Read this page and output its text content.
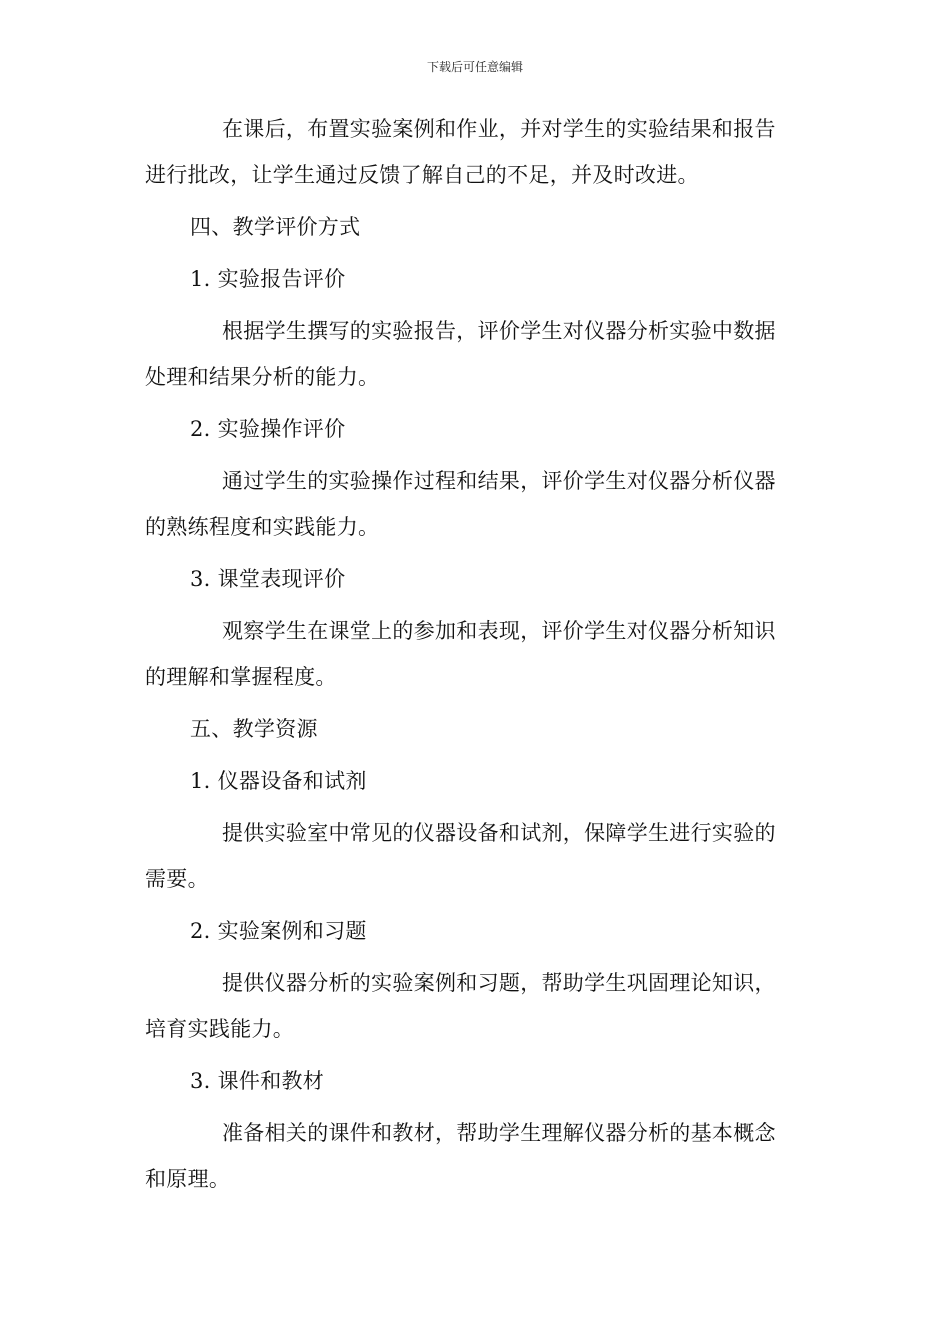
下载后可任意编辑
在课后，布置实验案例和作业，并对学生的实验结果和报告
进行批改，让学生通过反馈了解自己的不足，并及时改进。
四、教学评价方式
1. 实验报告评价
根据学生撰写的实验报告，评价学生对仪器分析实验中数据
处理和结果分析的能力。
2. 实验操作评价
通过学生的实验操作过程和结果，评价学生对仪器分析仪器
的熟练程度和实践能力。
3. 课堂表现评价
观察学生在课堂上的参加和表现，评价学生对仪器分析知识
的理解和掌握程度。
五、教学资源
1. 仪器设备和试剂
提供实验室中常见的仪器设备和试剂，保障学生进行实验的
需要。
2. 实验案例和习题
提供仪器分析的实验案例和习题，帮助学生巩固理论知识，
培育实践能力。
3. 课件和教材
准备相关的课件和教材，帮助学生理解仪器分析的基本概念
和原理。
